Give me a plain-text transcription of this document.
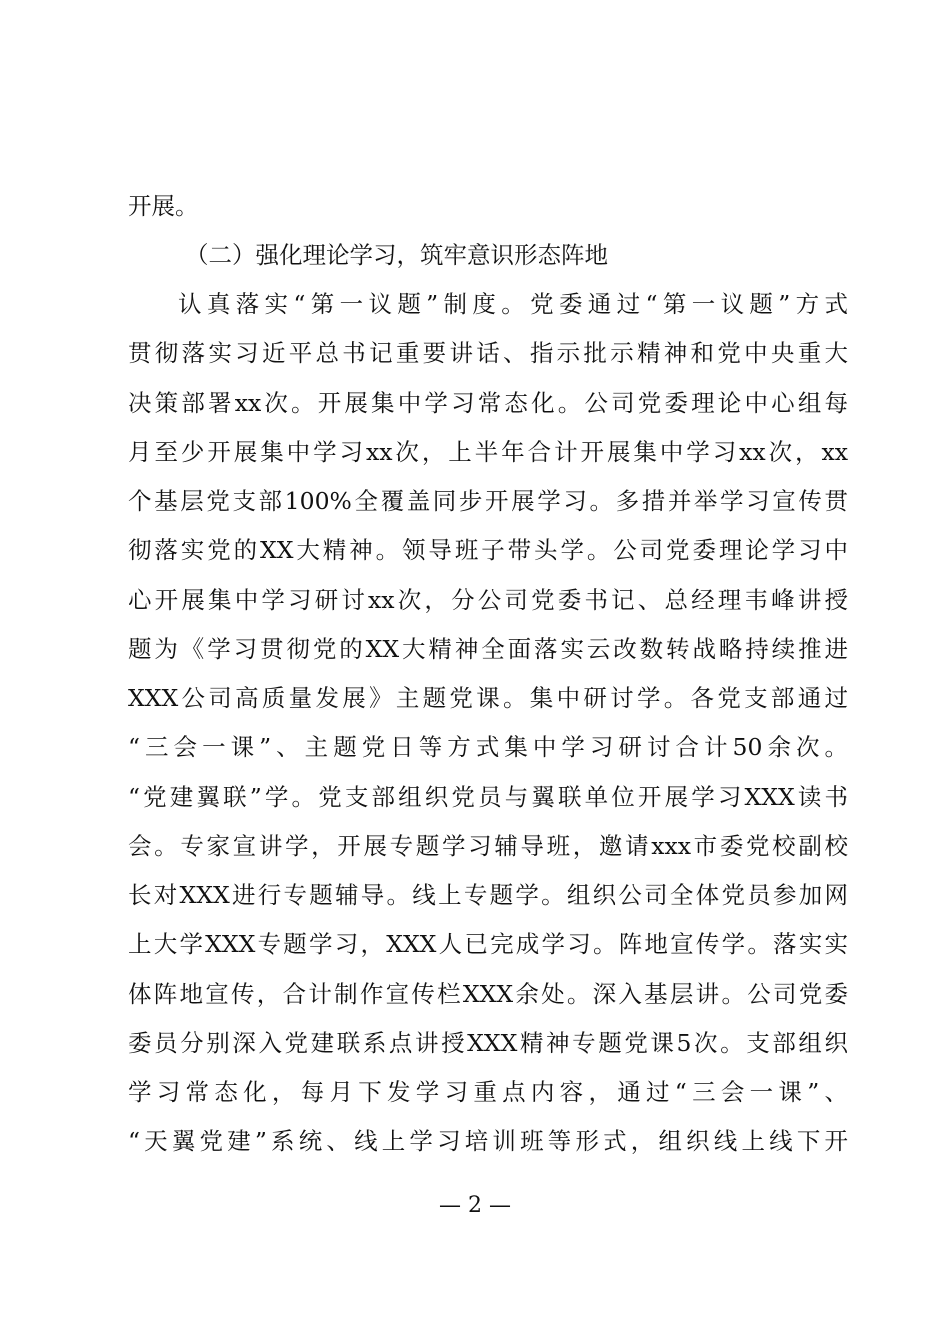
开展。
（二）强化理论学习，筑牢意识形态阵地
认真落实“第一议题”制度。党委通过“第一议题”方式
贯彻落实习近平总书记重要讲话、指示批示精神和党中央重大
决策部署xx次。开展集中学习常态化。公司党委理论中心组每
月至少开展集中学习xx次，上半年合计开展集中学习xx次，xx
个基层党支部100%全覆盖同步开展学习。多措并举学习宣传贯
彻落实党的XX大精神。领导班子带头学。公司党委理论学习中
心开展集中学习研讨xx次，分公司党委书记、总经理韦峰讲授
题为《学习贯彻党的XX大精神全面落实云改数转战略持续推进
XXX公司高质量发展》主题党课。集中研讨学。各党支部通过
“三会一课”、主题党日等方式集中学习研讨合计50余次。
“党建翼联”学。党支部组织党员与翼联单位开展学习XXX读书
会。专家宣讲学，开展专题学习辅导班，邀请xxx市委党校副校
长对XXX进行专题辅导。线上专题学。组织公司全体党员参加网
上大学XXX专题学习，XXX人已完成学习。阵地宣传学。落实实
体阵地宣传，合计制作宣传栏XXX余处。深入基层讲。公司党委
委员分别深入党建联系点讲授XXX精神专题党课5次。支部组织
学习常态化，每月下发学习重点内容，通过“三会一课”、
“天翼党建”系统、线上学习培训班等形式，组织线上线下开
— 2 —
